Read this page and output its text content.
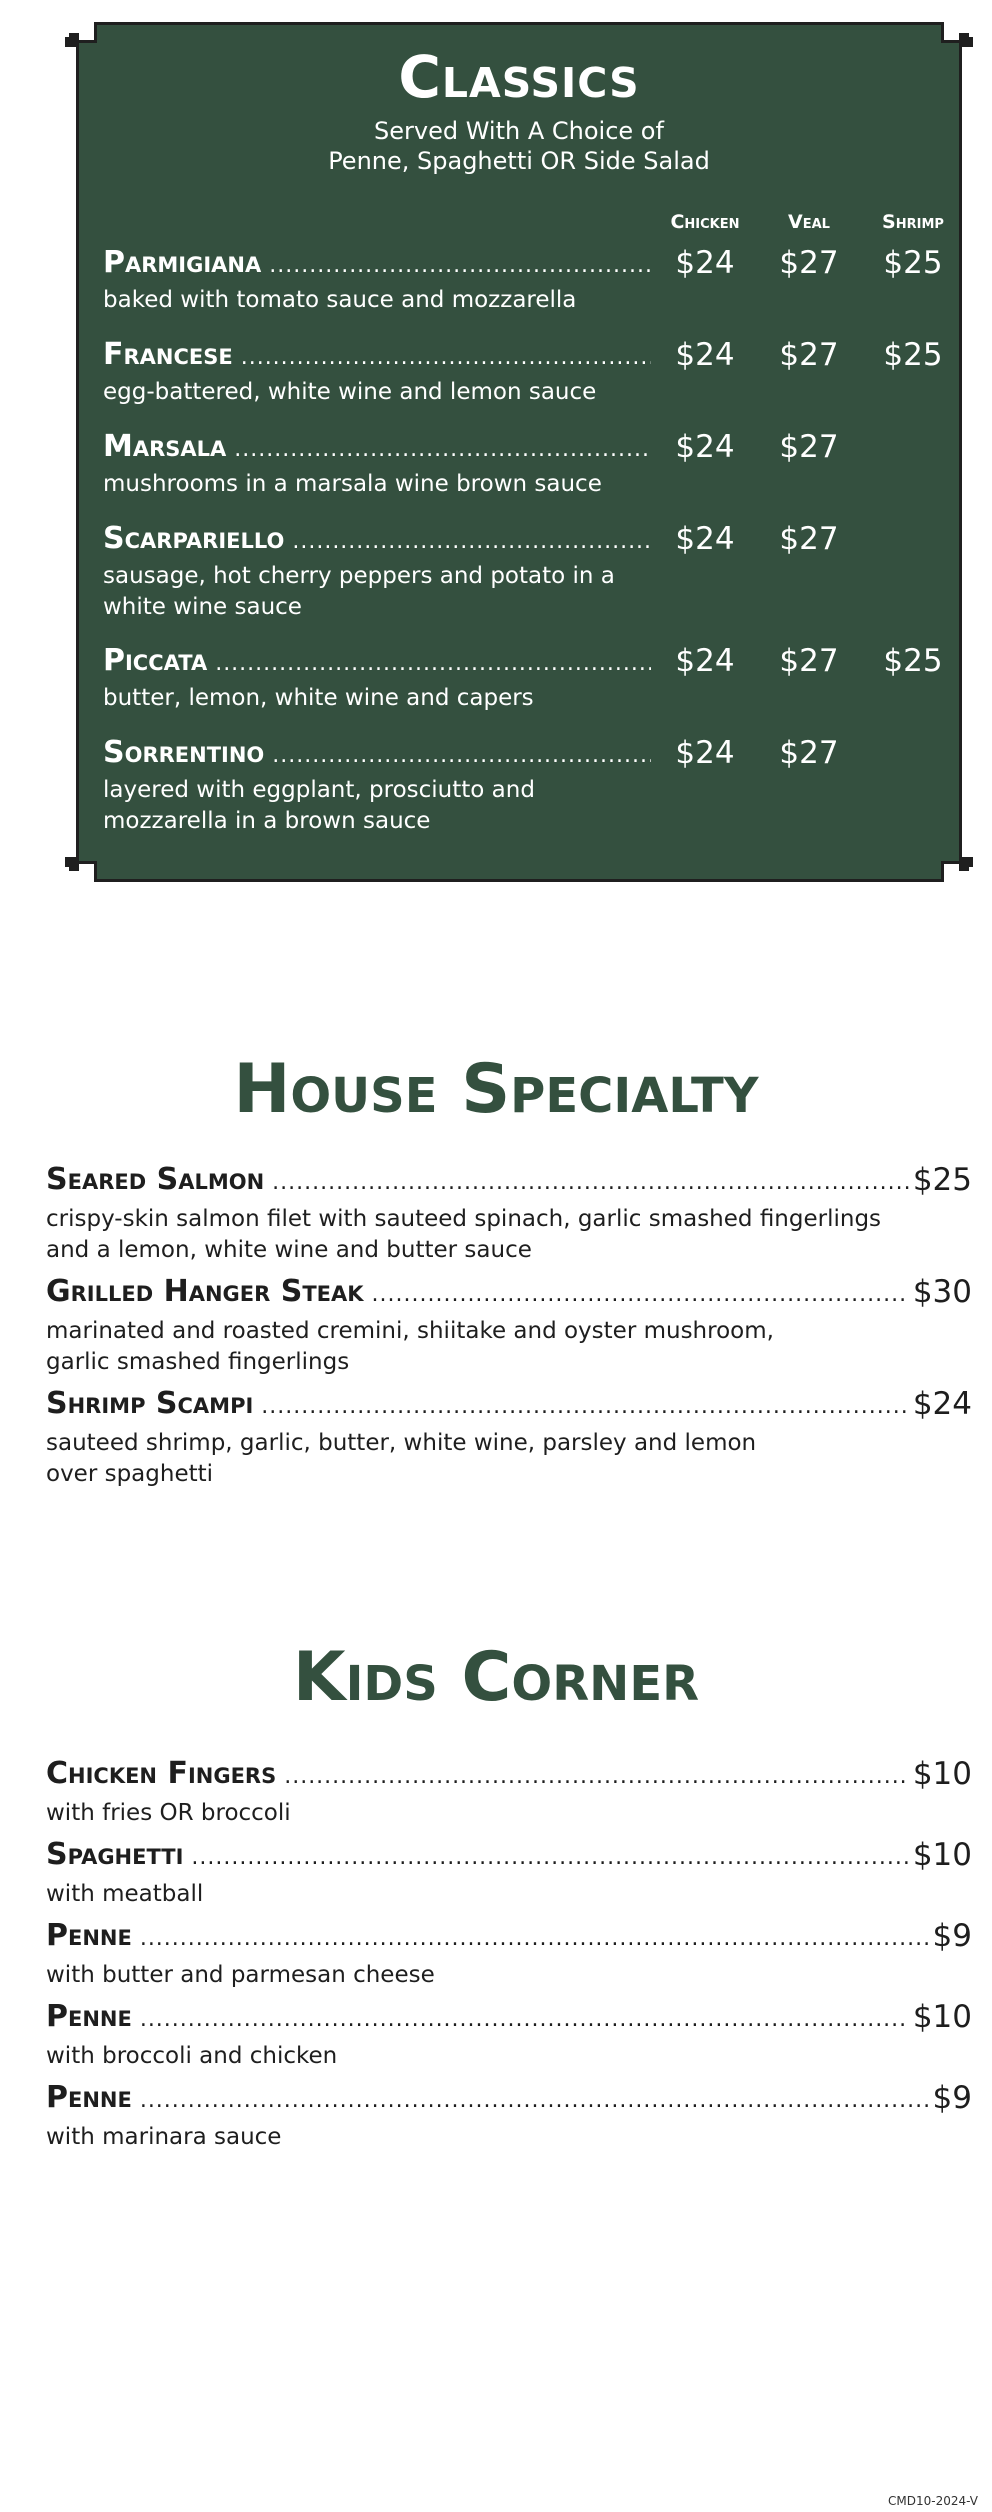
Classics
Served With A Choice of
Penne, Spaghetti OR Side Salad
Chicken	Veal	Shrimp
Parmigiana .....	$24	$27	$25
baked with tomato sauce and mozzarella
Francese .....	$24	$27	$25
egg-battered, white wine and lemon sauce
Marsala .....	$24	$27
mushrooms in a marsala wine brown sauce
Scarpariello .....	$24	$27
sausage, hot cherry peppers and potato in a white wine sauce
Piccata .....	$24	$27	$25
butter, lemon, white wine and capers
Sorrentino .....	$24	$27
layered with eggplant, prosciutto and mozzarella in a brown sauce
House Specialty
Seared Salmon .....	$25
crispy-skin salmon filet with sauteed spinach, garlic smashed fingerlings
and a lemon, white wine and butter sauce
Grilled Hanger Steak .....	$30
marinated and roasted cremini, shiitake and oyster mushroom,
garlic smashed fingerlings
Shrimp Scampi .....	$24
sauteed shrimp, garlic, butter, white wine, parsley and lemon
over spaghetti
Kids Corner
Chicken Fingers .....	$10
with fries OR broccoli
Spaghetti .....	$10
with meatball
Penne .....	$9
with butter and parmesan cheese
Penne .....	$10
with broccoli and chicken
Penne .....	$9
with marinara sauce
CMD10-2024-V
